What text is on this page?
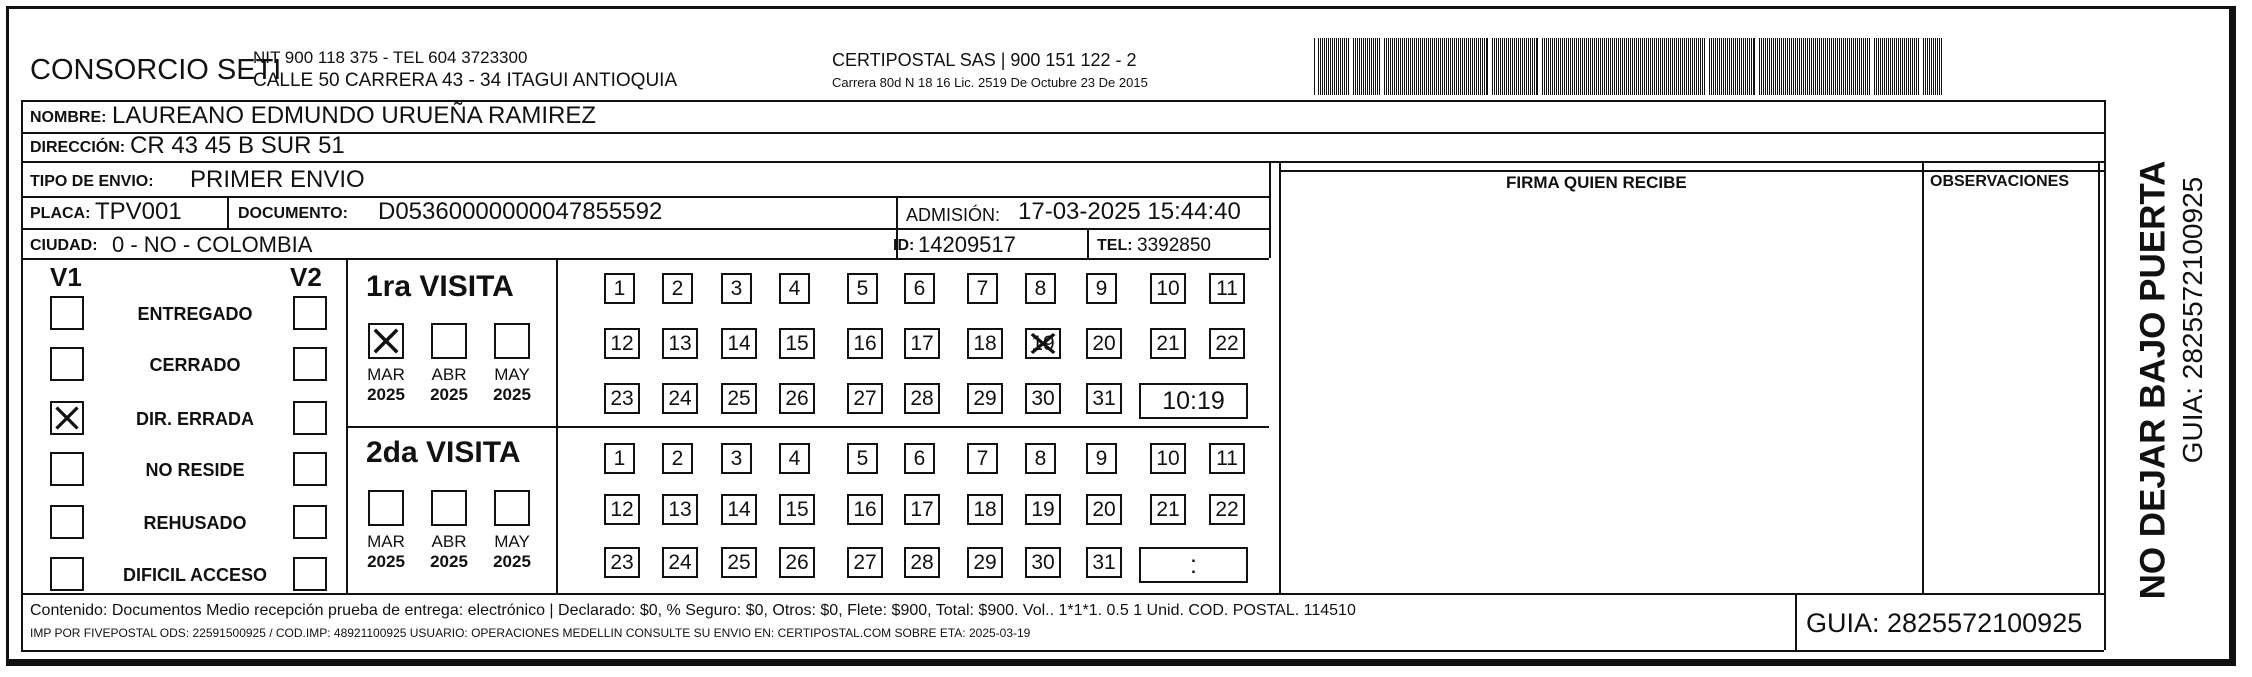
CONSORCIO SETI
NIT 900 118 375 - TEL 604 3723300
CALLE 50 CARRERA 43 - 34 ITAGUI ANTIOQUIA
CERTIPOSTAL SAS | 900 151 122 - 2
Carrera 80d N 18 16 Lic. 2519 De Octubre 23 De 2015
NOMBRE: LAUREANO EDMUNDO URUEÑA RAMIREZ
DIRECCIÓN: CR 43 45 B SUR 51
TIPO DE ENVIO: PRIMER ENVIO
PLACA: TPV001	DOCUMENTO: D05360000000047855592	ADMISIÓN: 17-03-2025 15:44:40
CIUDAD: 0 - NO - COLOMBIA	ID: 14209517	TEL: 3392850
FIRMA QUIEN RECIBE	OBSERVACIONES
V1	V2
ENTREGADO
CERRADO
DIR. ERRADA
NO RESIDE
REHUSADO
DIFICIL ACCESO
1ra VISITA
2da VISITA
MAR
2025
ABR
2025
MAY
2025
MAR
2025
ABR
2025
MAY
2025
1	2	3	4	5	6	7	8	9	10	11
12	13	14	15	16	17	18	19	20	21	22
23	24	25	26	27	28	29	30	31	10:19
1	2	3	4	5	6	7	8	9	10	11
12	13	14	15	16	17	18	19	20	21	22
23	24	25	26	27	28	29	30	31	:
Contenido: Documentos Medio recepción prueba de entrega: electrónico | Declarado: $0, % Seguro: $0, Otros: $0, Flete: $900, Total: $900. Vol.. 1*1*1. 0.5 1 Unid. COD. POSTAL. 114510
IMP POR FIVEPOSTAL ODS: 22591500925 / COD.IMP: 48921100925 USUARIO: OPERACIONES MEDELLIN CONSULTE SU ENVIO EN: CERTIPOSTAL.COM SOBRE ETA: 2025-03-19	GUIA: 2825572100925
NO DEJAR BAJO PUERTA GUIA: 2825572100925
